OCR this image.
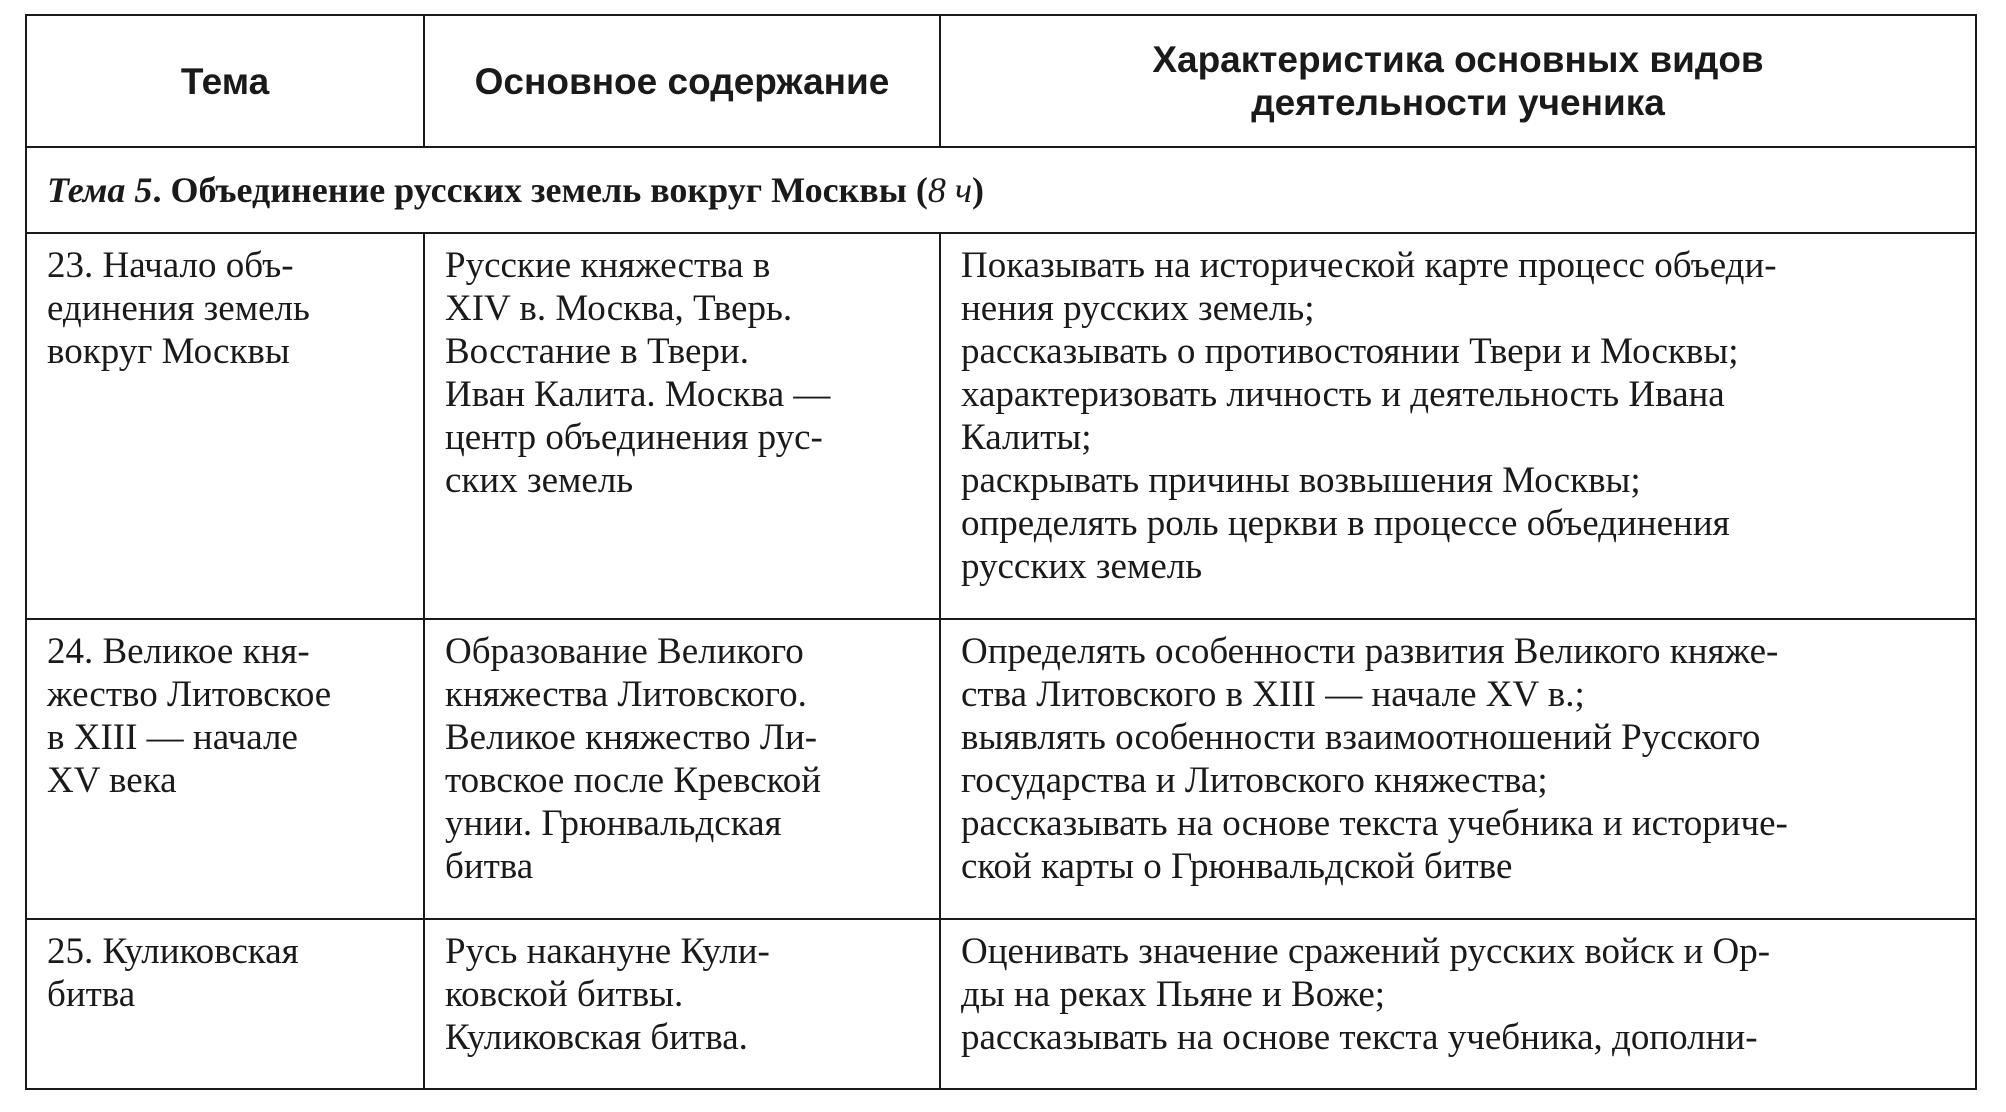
Тема	Основное содержание
Характеристика основных видов
деятельности ученика
Тема 5 . Объединение русских земель вокруг Москвы ( 8 ч )
23. Начало объ-
единения земель
вокруг Москвы
Русские княжества в
XIV в. Москва, Тверь.
Восстание в Твери.
Иван Калита. Москва —
центр объединения рус-
ских земель
Показывать на исторической карте процесс объеди-
нения русских земель;
рассказывать о противостоянии Твери и Москвы;
характеризовать личность и деятельность Ивана
Калиты;
раскрывать причины возвышения Москвы;
определять роль церкви в процессе объединения
русских земель
24. Великое кня-
жество Литовское
в XIII — начале
XV века
Образование Великого
княжества Литовского.
Великое княжество Ли-
товское после Кревской
унии. Грюнвальдская
битва
Определять особенности развития Великого княже-
ства Литовского в XIII — начале XV в.;
выявлять особенности взаимоотношений Русского
государства и Литовского княжества;
рассказывать на основе текста учебника и историче-
ской карты о Грюнвальдской битве
25. Куликовская
битва
Русь накануне Кули-
ковской битвы.
Куликовская битва.
Оценивать значение сражений русских войск и Ор-
ды на реках Пьяне и Воже;
рассказывать на основе текста учебника, дополни-
